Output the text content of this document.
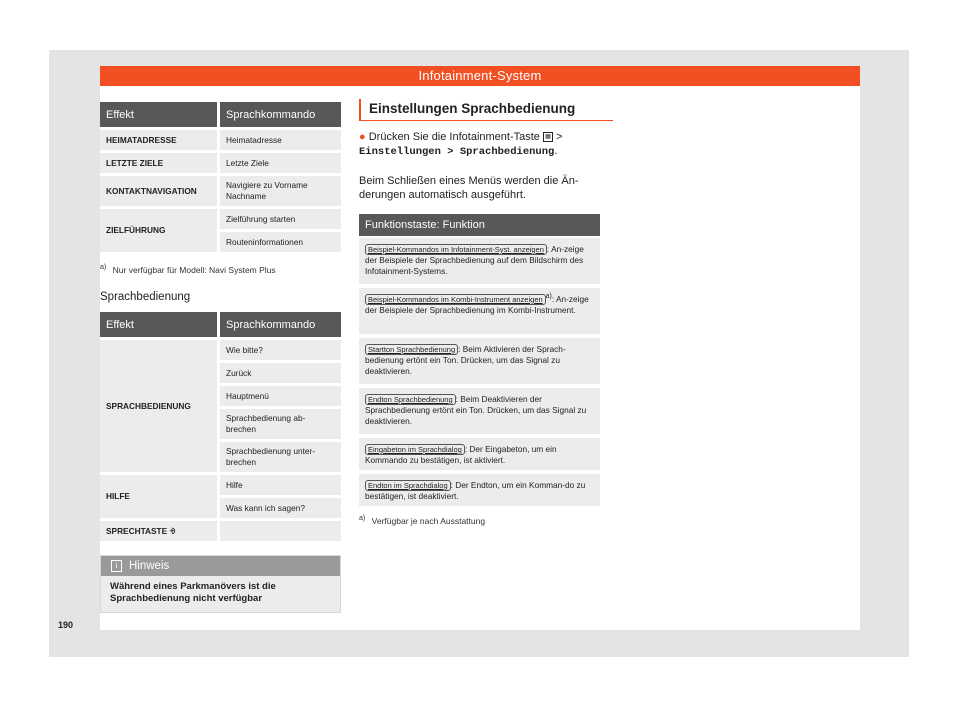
Infotainment-System
Effekt	Sprachkommando
HEIMATADRESSE	Heimatadresse
LETZTE ZIELE	Letzte Ziele
KONTAKTNAVIGATION	Navigiere zu Vorname Nachname
ZIELFÜHRUNG	Zielführung starten
	Routeninformationen
$^{a)}$ Nur verfügbar für Modell: Navi System Plus
Sprachbedienung
Effekt	Sprachkommando
SPRACHBEDIENUNG	Wie bitte?
	Zurück
	Hauptmenü
	Sprachbedienung ab-brechen
	Sprachbedienung unter-brechen
HILFE	Hilfe
	Was kann ich sagen?
SPRECHTASTE ⨮	
i Hinweis
Während eines Parkmanövers ist die Sprachbedienung nicht verfügbar
Einstellungen Sprachbedienung
● Drücken Sie die Infotainment-Taste ▦ >
Einstellungen > Sprachbedienung.
Beim Schließen eines Menüs werden die Än-derungen automatisch ausgeführt.
Funktionstaste: Funktion
Beispiel-Kommandos im Infotainment-Syst. anzeigen : An-zeige der Beispiele der Sprachbedienung auf dem Bildschirm des Infotainment-Systems.
Beispiel-Kommandos im Kombi-Instrument anzeigen $^{a)}$: An-zeige der Beispiele der Sprachbedienung im Kombi-Instrument.
Startton Sprachbedienung : Beim Aktivieren der Sprach-bedienung ertönt ein Ton. Drücken, um das Signal zu deaktivieren.
Endton Sprachbedienung : Beim Deaktivieren der Sprachbedienung ertönt ein Ton. Drücken, um das Signal zu deaktivieren.
Eingabeton im Sprachdialog : Der Eingabeton, um ein Kommando zu bestätigen, ist aktiviert.
Endton im Sprachdialog : Der Endton, um ein Komman-do zu bestätigen, ist deaktiviert.
$^{a)}$ Verfügbar je nach Ausstattung
190
